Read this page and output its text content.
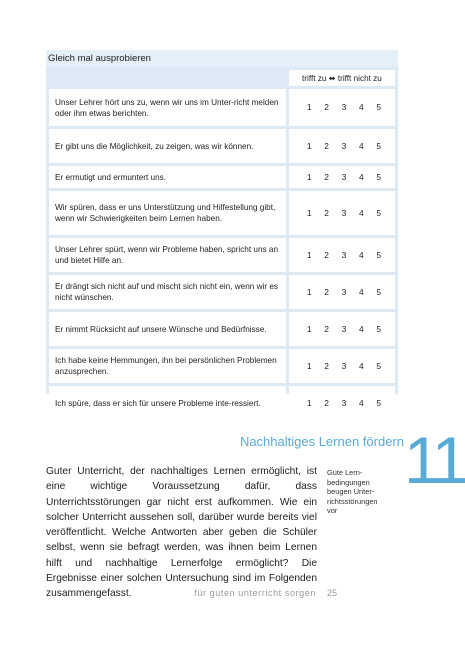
Gleich mal ausprobieren
	trifft zu ⬌ trifft nicht zu
Unser Lehrer hört uns zu, wenn wir uns im Unter-richt melden oder ihm etwas berichten.	1 2 3 4 5

Er gibt uns die Möglichkeit, zu zeigen, was wir können.	1 2 3 4 5

Er ermutigt und ermuntert uns.	1 2 3 4 5

Wir spüren, dass er uns Unterstützung und Hilfestellung gibt, wenn wir Schwierigkeiten beim Lernen haben.	1 2 3 4 5

Unser Lehrer spürt, wenn wir Probleme haben, spricht uns an und bietet Hilfe an.	1 2 3 4 5

Er drängt sich nicht auf und mischt sich nicht ein, wenn wir es nicht wünschen.	1 2 3 4 5

Er nimmt Rücksicht auf unsere Wünsche und Bedürfnisse.	1 2 3 4 5

Ich habe keine Hemmungen, ihn bei persönlichen Problemen anzusprechen.	1 2 3 4 5

Ich spüre, dass er sich für unsere Probleme inte-ressiert.	1 2 3 4 5
Nachhaltiges Lernen fördern 11

Guter Unterricht, der nachhaltiges Lernen ermöglicht, ist eine wichtige Voraussetzung dafür, dass Unterrichtsstörungen gar nicht erst aufkommen. Wie ein solcher Unterricht aussehen soll, darüber wurde bereits viel veröffentlicht. Welche Antworten aber geben die Schüler selbst, wenn sie befragt werden, was ihnen beim Lernen hilft und nachhaltige Lernerfolge ermöglicht? Die Ergebnisse einer solchen Untersuchung sind im Folgenden zusammengefasst.

Gute Lern-bedingungen beugen Unter-richtsstörungen vor
für guten unterricht sorgen 25
